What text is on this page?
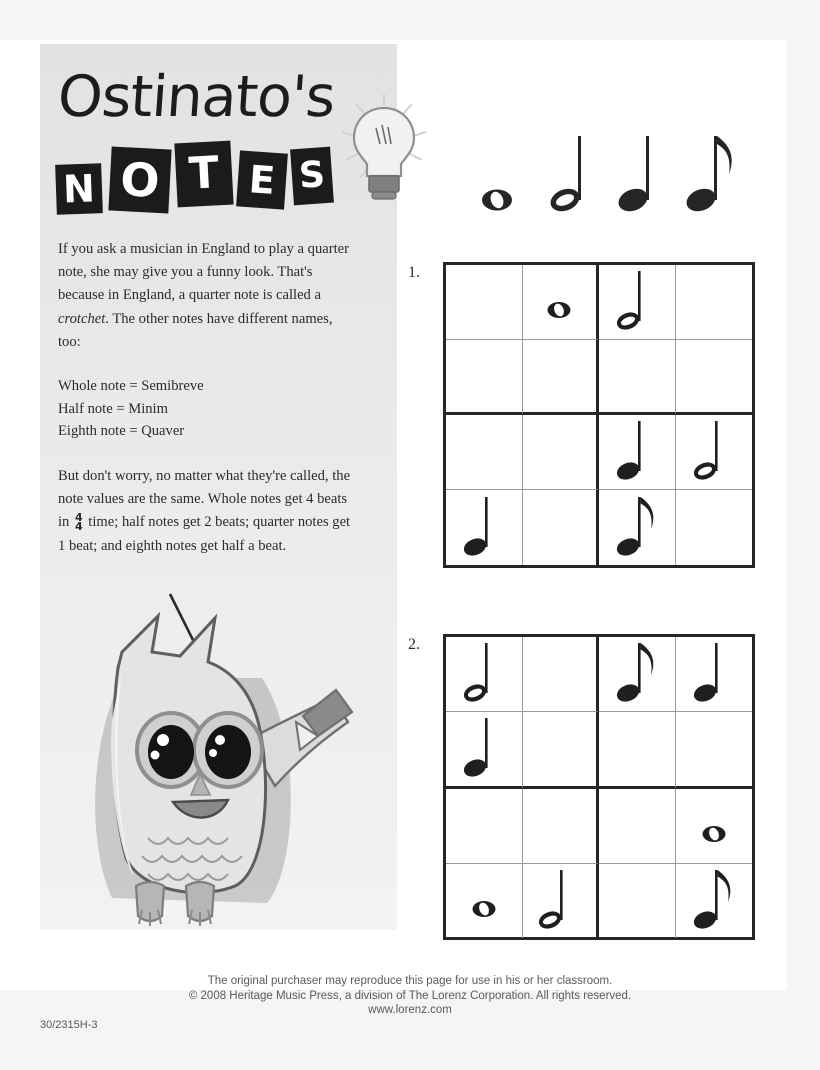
Ostinato's
N O T E S
If you ask a musician in England to play a quarter note, she may give you a funny look. That's because in England, a quarter note is called a crotchet. The other notes have different names, too:
Whole note = Semibreve
Half note = Minim
Eighth note = Quaver
But don't worry, no matter what they're called, the note values are the same. Whole notes get 4 beats in 4
4 time; half notes get 2 beats; quarter notes get 1 beat; and eighth notes get half a beat.
1.
2.
The original purchaser may reproduce this page for use in his or her classroom.
© 2008 Heritage Music Press, a division of The Lorenz Corporation. All rights reserved.
www.lorenz.com
30/2315H-3
